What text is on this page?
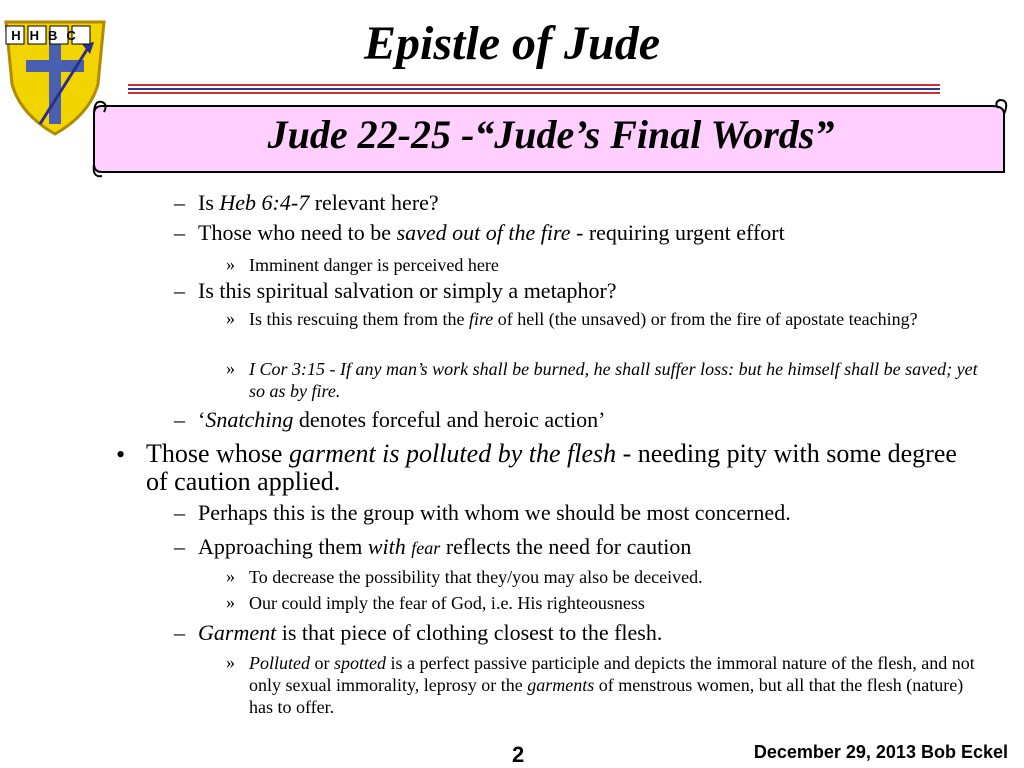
HHBC	Epistle of Jude
Jude 22-25 -“Jude’s Final Words”
– Is Heb 6:4-7 relevant here?
– Those who need to be saved out of the fire - requiring urgent effort
» Imminent danger is perceived here
– Is this spiritual salvation or simply a metaphor?
» Is this rescuing them from the fire of hell (the unsaved) or from the fire of apostate teaching?
» I Cor 3:15 - If any man’s work shall be burned, he shall suffer loss: but he himself shall be saved; yet so as by fire.
– ‘Snatching denotes forceful and heroic action’
• Those whose garment is polluted by the flesh - needing pity with some degree of caution applied.
– Perhaps this is the group with whom we should be most concerned.
– Approaching them with fear reflects the need for caution
» To decrease the possibility that they/you may also be deceived.
» Our could imply the fear of God, i.e. His righteousness
– Garment is that piece of clothing closest to the flesh.
» Polluted or spotted is a perfect passive participle and depicts the immoral nature of the flesh, and not only sexual immorality, leprosy or the garments of menstrous women, but all that the flesh (nature) has to offer.
2	December 29, 2013 Bob Eckel
